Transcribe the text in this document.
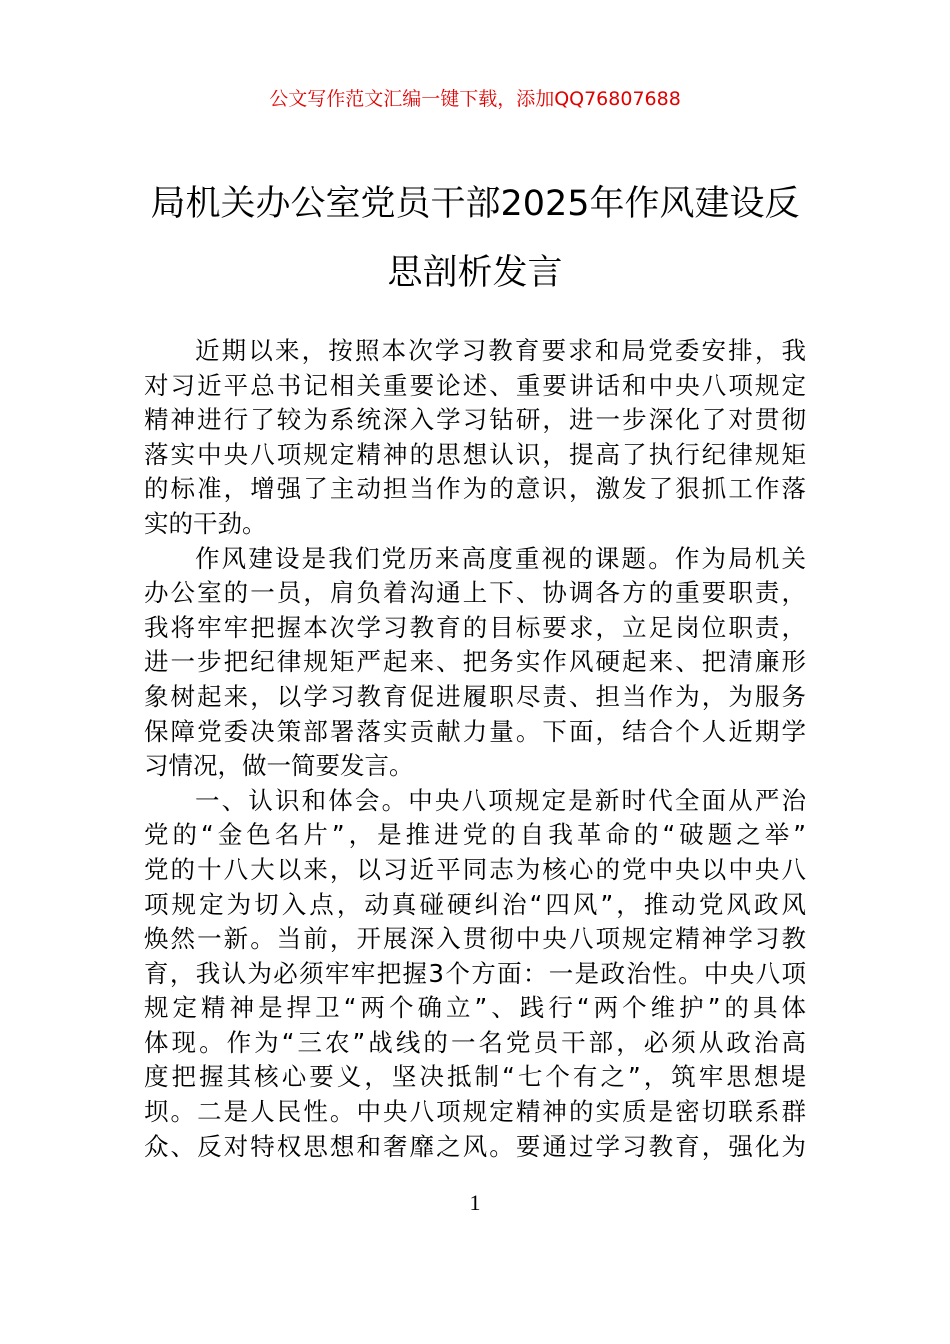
公文写作范文汇编一键下载，添加QQ76807688
局机关办公室党员干部2025年作风建设反
思剖析发言
近期以来，按照本次学习教育要求和局党委安排，我
对习近平总书记相关重要论述、重要讲话和中央八项规定
精神进行了较为系统深入学习钻研，进一步深化了对贯彻
落实中央八项规定精神的思想认识，提高了执行纪律规矩
的标准，增强了主动担当作为的意识，激发了狠抓工作落
实的干劲。
作风建设是我们党历来高度重视的课题。作为局机关
办公室的一员，肩负着沟通上下、协调各方的重要职责，
我将牢牢把握本次学习教育的目标要求，立足岗位职责，
进一步把纪律规矩严起来、把务实作风硬起来、把清廉形
象树起来，以学习教育促进履职尽责、担当作为，为服务
保障党委决策部署落实贡献力量。下面，结合个人近期学
习情况，做一简要发言。
一、认识和体会。中央八项规定是新时代全面从严治
党的“金色名片”，是推进党的自我革命的“破题之举”
党的十八大以来，以习近平同志为核心的党中央以中央八
项规定为切入点，动真碰硬纠治“四风”，推动党风政风
焕然一新。当前，开展深入贯彻中央八项规定精神学习教
育，我认为必须牢牢把握3个方面：一是政治性。中央八项
规定精神是捍卫“两个确立”、践行“两个维护”的具体
体现。作为“三农”战线的一名党员干部，必须从政治高
度把握其核心要义，坚决抵制“七个有之”，筑牢思想堤
坝。二是人民性。中央八项规定精神的实质是密切联系群
众、反对特权思想和奢靡之风。要通过学习教育，强化为
1
